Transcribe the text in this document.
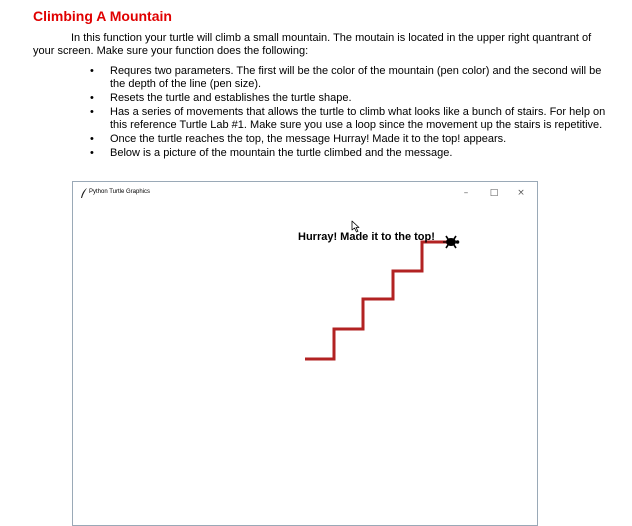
Climbing A Mountain

In this function your turtle will climb a small mountain. The moutain is located in the upper right quantrant of your screen. Make sure your function does the following:

• Requres two parameters. The first will be the color of the mountain (pen color) and the second will be the depth of the line (pen size).
• Resets the turtle and establishes the turtle shape.
• Has a series of movements that allows the turtle to climb what looks like a bunch of stairs. For help on this reference Turtle Lab #1. Make sure you use a loop since the movement up the stairs is repetitive.
• Once the turtle reaches the top, the message Hurray! Made it to the top! appears.
• Below is a picture of the mountain the turtle climbed and the message.
Python Turtle Graphics	–	□	×
Hurray! Made it to the top!
